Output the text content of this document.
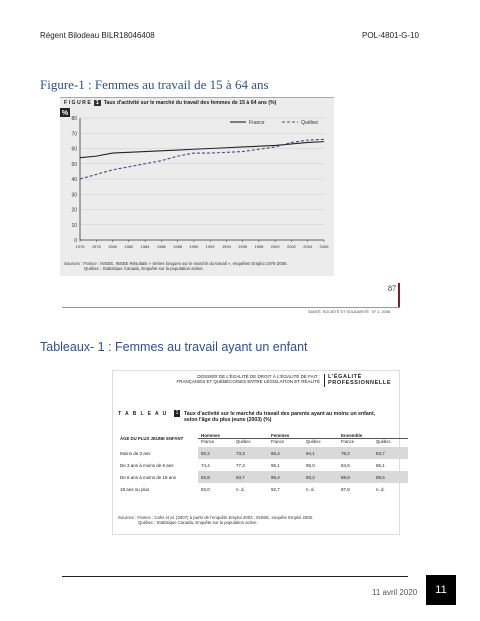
Régent Bilodeau BILR18046408	POL-4801-G-10
Figure-1 : Femmes au travail de 15 à 64 ans
F I G U R E 1 Taux d'activité sur le marché du travail des femmes de 15 à 64 ans (%)
%
80
70
60
50
40
30
20
10
0
1976 1978 1980 1982 1984 1986 1988 1990 1992 1994 1996 1998 2000 2002 2004 2006
France	Québec
Sources : France : INSEE, INSEE Résultats « Séries longues sur le marché du travail », enquêtes Emploi 1975-2006.
Québec : Statistique Canada, Enquête sur la population active.
87
SANTÉ, SOCIÉTÉ ET SOLIDARITÉ N° 1, 2008
Tableaux- 1 : Femmes au travail ayant un enfant
DOSSIER DE L'ÉGALITÉ DE DROIT À L'ÉGALITÉ DE FAIT :
FRANÇAISES ET QUÉBÉCOISES ENTRE LÉGISLATION ET RÉALITÉ
L'ÉGALITÉ
PROFESSIONNELLE
T A B L E A U	1	Taux d'activité sur le marché du travail des parents ayant au moins un enfant, selon l'âge du plus jeune (2003) (%)
ÂGE DU PLUS JEUNE ENFANT	Hommes		Femmes		Ensemble	
	France	Québec	France	Québec	France	Québec
Moins de 3 ans	92,2	73,3	66,4	94,1	78,2	83,7
De 3 ans à moins de 6 ans	74,4	77,3	96,1	95,0	84,6	86,1
De 6 ans à moins de 18 ans	82,8	83,7	96,4	93,2	88,8	88,5
18 ans ou plus	83,0	n. d.	92,7	n. d.	87,8	n. d.
Sources : France : Cahs et al. (2007) à partir de l'enquête Emploi 2003 ; INSEE, enquête Emploi 2005.
Québec : Statistique Canada, Enquête sur la population active.
11 avril 2020	11
